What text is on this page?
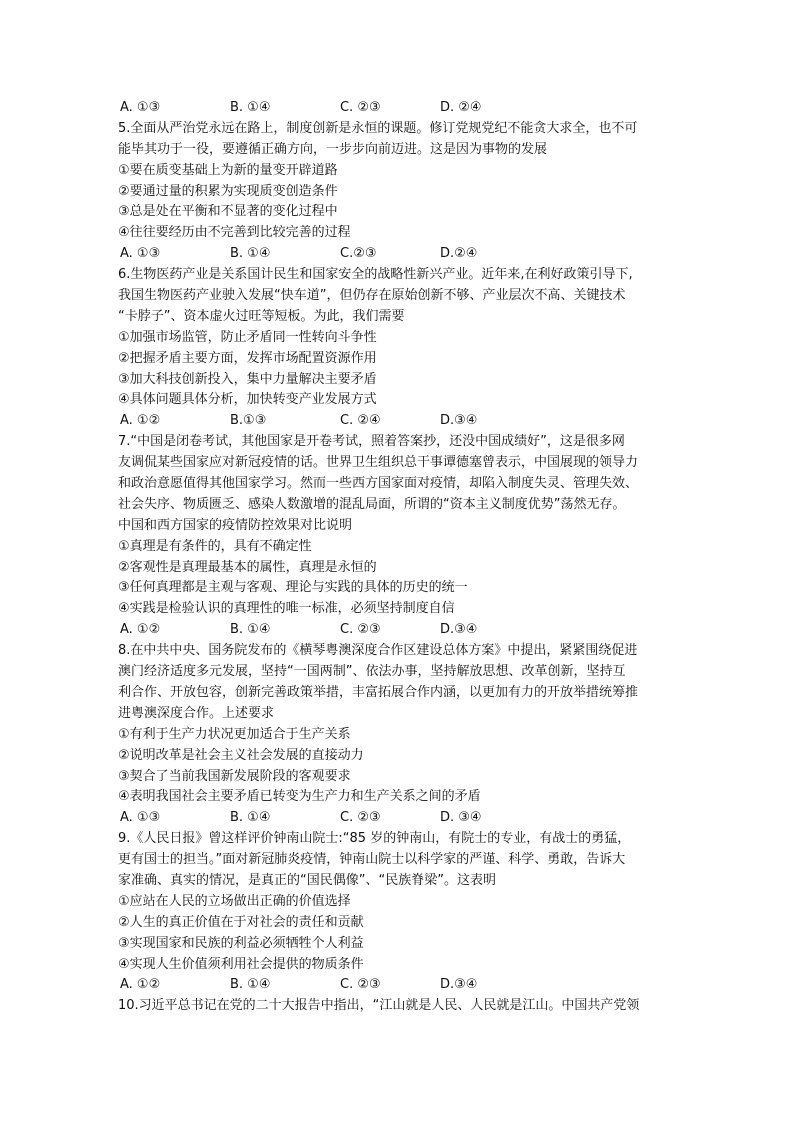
A. ①③	B. ①④	C. ②③	D. ②④
5.全面从严治党永远在路上，制度创新是永恒的课题。修订党规党纪不能贪大求全，也不可
能毕其功于一役，要遵循正确方向，一步步向前迈进。这是因为事物的发展
①要在质变基础上为新的量变开辟道路
②要通过量的积累为实现质变创造条件
③总是处在平衡和不显著的变化过程中
④往往要经历由不完善到比较完善的过程
A. ①③	B. ①④	C.②③	D.②④
6.生物医药产业是关系国计民生和国家安全的战略性新兴产业。近年来,在利好政策引导下,
我国生物医药产业驶入发展“快车道”，但仍存在原始创新不够、产业层次不高、关键技术
“卡脖子”、资本虚火过旺等短板。为此，我们需要
①加强市场监管，防止矛盾同一性转向斗争性
②把握矛盾主要方面，发挥市场配置资源作用
③加大科技创新投入，集中力量解决主要矛盾
④具体问题具体分析，加快转变产业发展方式
A. ①②	B.①③	C. ②④	D.③④
7.“中国是闭卷考试，其他国家是开卷考试，照着答案抄，还没中国成绩好”，这是很多网
友调侃某些国家应对新冠疫情的话。世界卫生组织总干事谭德塞曾表示，中国展现的领导力
和政治意愿值得其他国家学习。然而一些西方国家面对疫情，却陷入制度失灵、管理失效、
社会失序、物质匮乏、感染人数激增的混乱局面，所谓的“资本主义制度优势”荡然无存。
中国和西方国家的疫情防控效果对比说明
①真理是有条件的，具有不确定性
②客观性是真理最基本的属性，真理是永恒的
③任何真理都是主观与客观、理论与实践的具体的历史的统一
④实践是检验认识的真理性的唯一标准，必须坚持制度自信
A. ①②	B. ①④	C. ②③	D.③④
8.在中共中央、国务院发布的《横琴粤澳深度合作区建设总体方案》中提出，紧紧围绕促进
澳门经济适度多元发展，坚持“一国两制”、依法办事，坚持解放思想、改革创新，坚持互
利合作、开放包容，创新完善政策举措，丰富拓展合作内涵，以更加有力的开放举措统筹推
进粤澳深度合作。上述要求
①有利于生产力状况更加适合于生产关系
②说明改革是社会主义社会发展的直接动力
③契合了当前我国新发展阶段的客观要求
④表明我国社会主要矛盾已转变为生产力和生产关系之间的矛盾
A. ①③	B. ①④	C. ②③	D. ③④
9.《人民日报》曾这样评价钟南山院士:“85 岁的钟南山，有院士的专业，有战士的勇猛，
更有国士的担当。”面对新冠肺炎疫情，钟南山院士以科学家的严谨、科学、勇敢，告诉大
家准确、真实的情况，是真正的“国民偶像”、“民族脊梁”。这表明
①应站在人民的立场做出正确的价值选择
②人生的真正价值在于对社会的责任和贡献
③实现国家和民族的利益必须牺牲个人利益
④实现人生价值须利用社会提供的物质条件
A. ①②	B. ①④	C. ②③	D.③④
10.习近平总书记在党的二十大报告中指出，“江山就是人民、人民就是江山。中国共产党领
